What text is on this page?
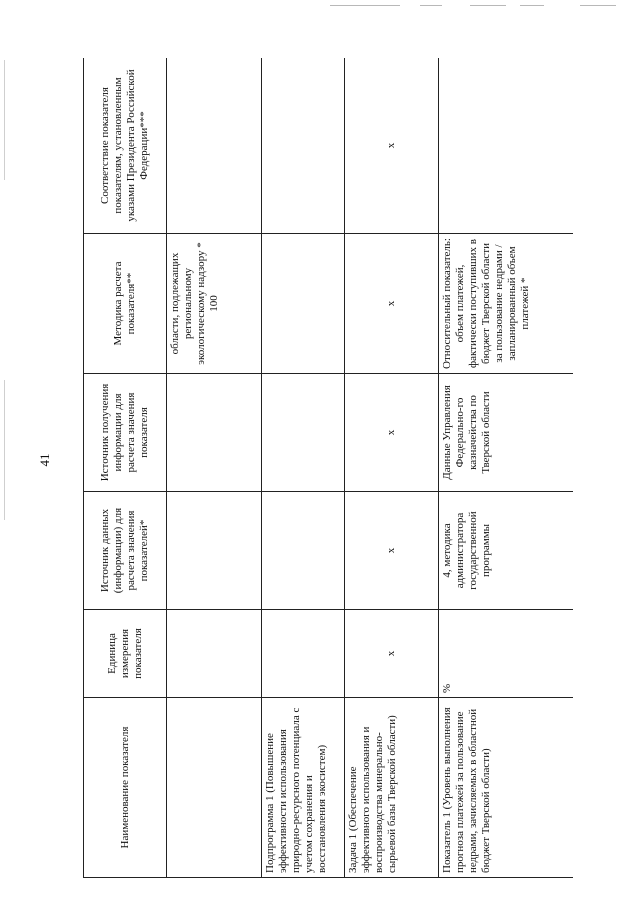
41
Наименование показателя	Единица измерения показателя	Источник данных (информации) для расчета значения показателей*	Источник получения информации для расчета значения показателя	Методика расчета показателя**	Соответствие показателя показателям, установленным указами Президента Российской Федерации***
				области, подлежащих региональному экологическому надзору * 100	
Подпрограмма 1 (Повышение эффективности использования природно-ресурсного потенциала с учетом сохранения и восстановления экосистем)					
Задача 1 (Обеспечение эффективного использования и воспроизводства минерально-сырьевой базы Тверской области)	х	х	х	х	х
Показатель 1 (Уровень выполнения прогноза платежей за пользование недрами, зачисляемых в областной бюджет Тверской области)	%	4, методика администратора государственной программы	Данные Управления Федерально-го казначейства по Тверской области	Относительный показатель: объем платежей, фактически поступивших в бюджет Тверской области за пользование недрами / запланированный объем платежей *	
